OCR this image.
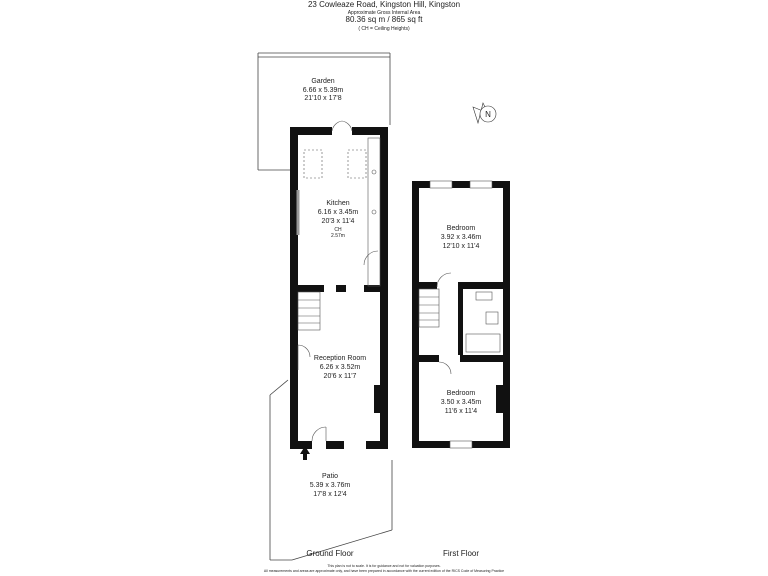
23 Cowleaze Road, Kingston Hill, Kingston
Approximate Gross Internal Area
80.36 sq m / 865 sq ft
( CH = Ceiling Heights)
N
Garden
6.66 x 5.39m
21'10 x 17'8
Kitchen
6.16 x 3.45m
20'3 x 11'4
CH
2.57m
Reception Room
6.26 x 3.52m
20'6 x 11'7
Patio
5.39 x 3.76m
17'8 x 12'4
Bedroom
3.92 x 3.46m
12'10 x 11'4
Bedroom
3.50 x 3.45m
11'6 x 11'4
Ground Floor	First Floor
This plan is not to scale. It is for guidance and not for valuation purposes.
All measurements and areas are approximate only, and have been prepared in accordance with the current edition of the RICS Code of Measuring Practice
